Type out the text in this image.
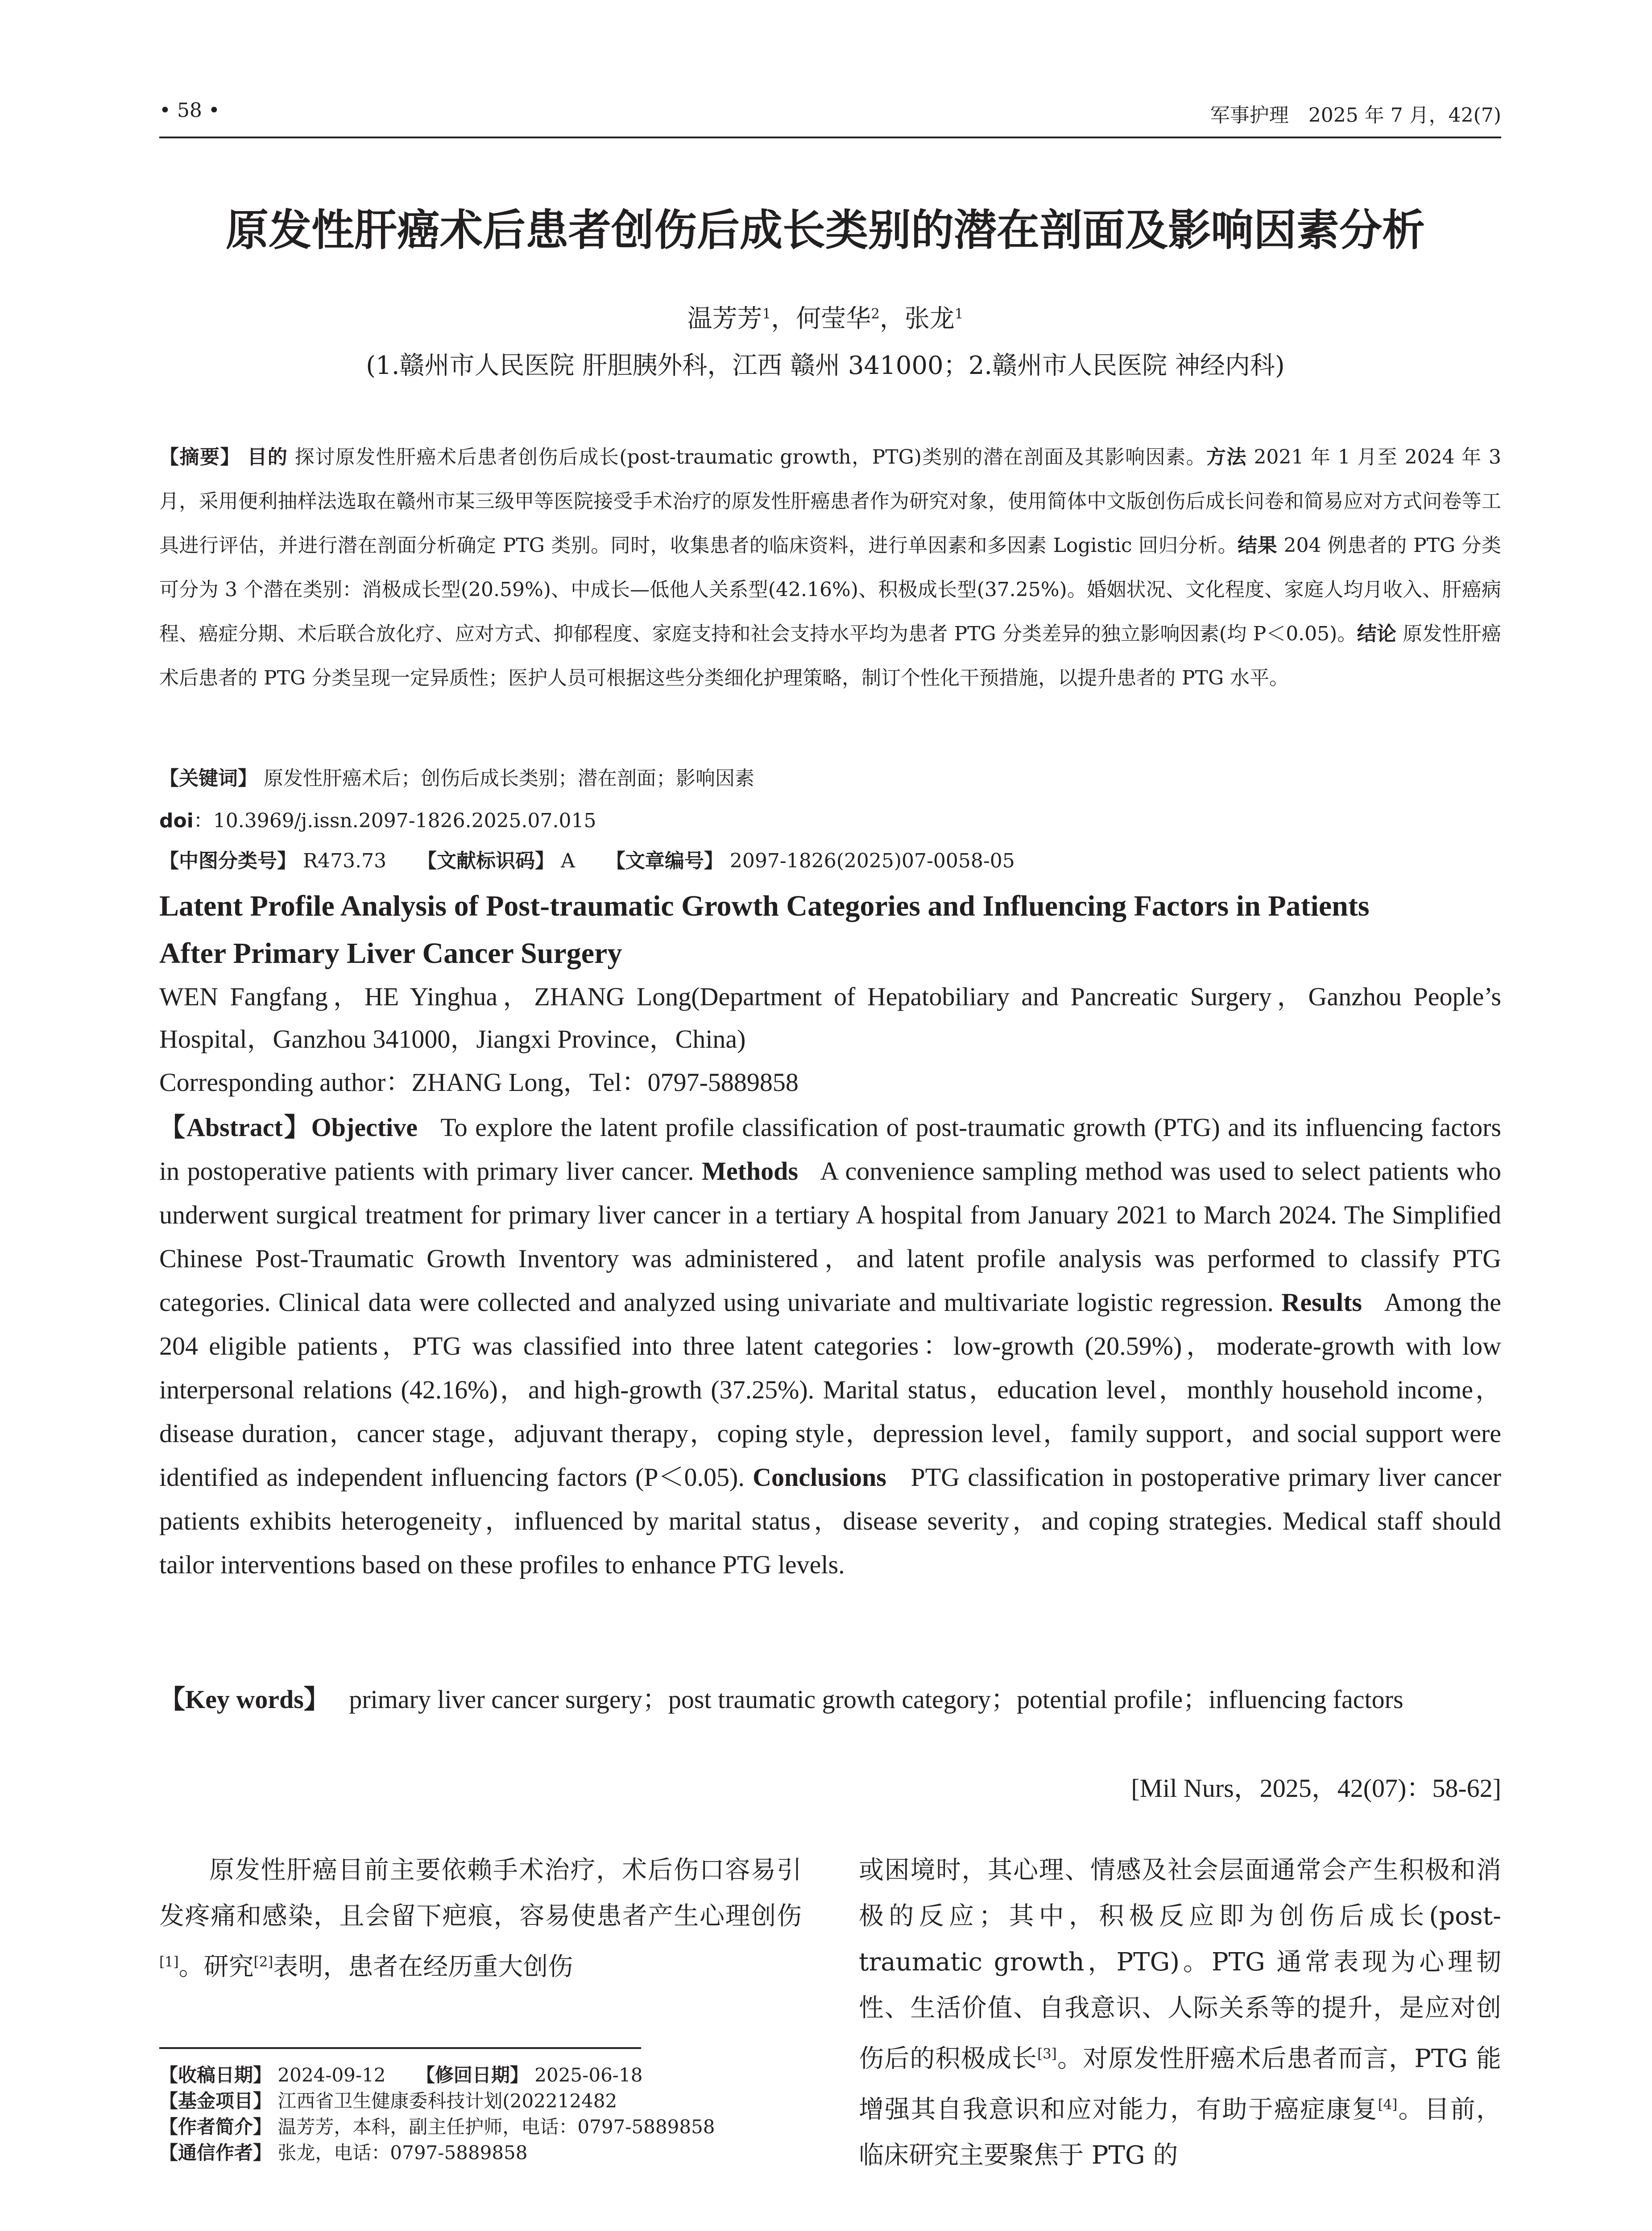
• 58 •	军事护理　2025 年 7 月，42(7)
原发性肝癌术后患者创伤后成长类别的潜在剖面及影响因素分析
温芳芳$^1$，何莹华$^2$，张龙$^1$
(1.赣州市人民医院 肝胆胰外科，江西 赣州 341000；2.赣州市人民医院 神经内科)
【摘要】 目的 探讨原发性肝癌术后患者创伤后成长(post-traumatic growth，PTG)类别的潜在剖面及其影响因素。方法 2021 年 1 月至 2024 年 3 月，采用便利抽样法选取在赣州市某三级甲等医院接受手术治疗的原发性肝癌患者作为研究对象，使用简体中文版创伤后成长问卷和简易应对方式问卷等工具进行评估，并进行潜在剖面分析确定 PTG 类别。同时，收集患者的临床资料，进行单因素和多因素 Logistic 回归分析。结果 204 例患者的 PTG 分类可分为 3 个潜在类别：消极成长型(20.59%)、中成长—低他人关系型(42.16%)、积极成长型(37.25%)。婚姻状况、文化程度、家庭人均月收入、肝癌病程、癌症分期、术后联合放化疗、应对方式、抑郁程度、家庭支持和社会支持水平均为患者 PTG 分类差异的独立影响因素(均 P＜0.05)。结论 原发性肝癌术后患者的 PTG 分类呈现一定异质性；医护人员可根据这些分类细化护理策略，制订个性化干预措施，以提升患者的 PTG 水平。
【关键词】 原发性肝癌术后；创伤后成长类别；潜在剖面；影响因素
doi：10.3969/j.issn.2097-1826.2025.07.015
【中图分类号】 R473.73 【文献标识码】 A 【文章编号】 2097-1826(2025)07-0058-05
Latent Profile Analysis of Post-traumatic Growth Categories and Influencing Factors in Patients
After Primary Liver Cancer Surgery
WEN Fangfang，HE Yinghua，ZHANG Long(Department of Hepatobiliary and Pancreatic Surgery，Ganzhou People’s Hospital，Ganzhou 341000，Jiangxi Province，China)
Corresponding author：ZHANG Long，Tel：0797-5889858
【Abstract】Objective To explore the latent profile classification of post-traumatic growth (PTG) and its influencing factors in postoperative patients with primary liver cancer. Methods A convenience sampling method was used to select patients who underwent surgical treatment for primary liver cancer in a tertiary A hospital from January 2021 to March 2024. The Simplified Chinese Post-Traumatic Growth Inventory was administered，and latent profile analysis was performed to classify PTG categories. Clinical data were collected and analyzed using univariate and multivariate logistic regression. Results Among the 204 eligible patients，PTG was classified into three latent categories：low-growth (20.59%)，moderate-growth with low interpersonal relations (42.16%)，and high-growth (37.25%). Marital status，education level，monthly household income，disease duration，cancer stage，adjuvant therapy，coping style，depression level，family support，and social support were identified as independent influencing factors (P＜0.05). Conclusions PTG classification in postoperative primary liver cancer patients exhibits heterogeneity，influenced by marital status，disease severity，and coping strategies. Medical staff should tailor interventions based on these profiles to enhance PTG levels.
【Key words】 primary liver cancer surgery；post traumatic growth category；potential profile；influencing factors
[Mil Nurs，2025，42(07)：58-62]
原发性肝癌目前主要依赖手术治疗，术后伤口容易引发疼痛和感染，且会留下疤痕，容易使患者产生心理创伤[1]。研究[2]表明，患者在经历重大创伤
或困境时，其心理、情感及社会层面通常会产生积极和消极的反应；其中，积极反应即为创伤后成长(post-traumatic growth，PTG)。PTG 通常表现为心理韧性、生活价值、自我意识、人际关系等的提升，是应对创伤后的积极成长[3]。对原发性肝癌术后患者而言，PTG 能增强其自我意识和应对能力，有助于癌症康复[4]。目前，临床研究主要聚焦于 PTG 的
【收稿日期】 2024-09-12 【修回日期】 2025-06-18
【基金项目】 江西省卫生健康委科技计划(202212482
【作者简介】 温芳芳，本科，副主任护师，电话：0797-5889858
【通信作者】 张龙，电话：0797-5889858
